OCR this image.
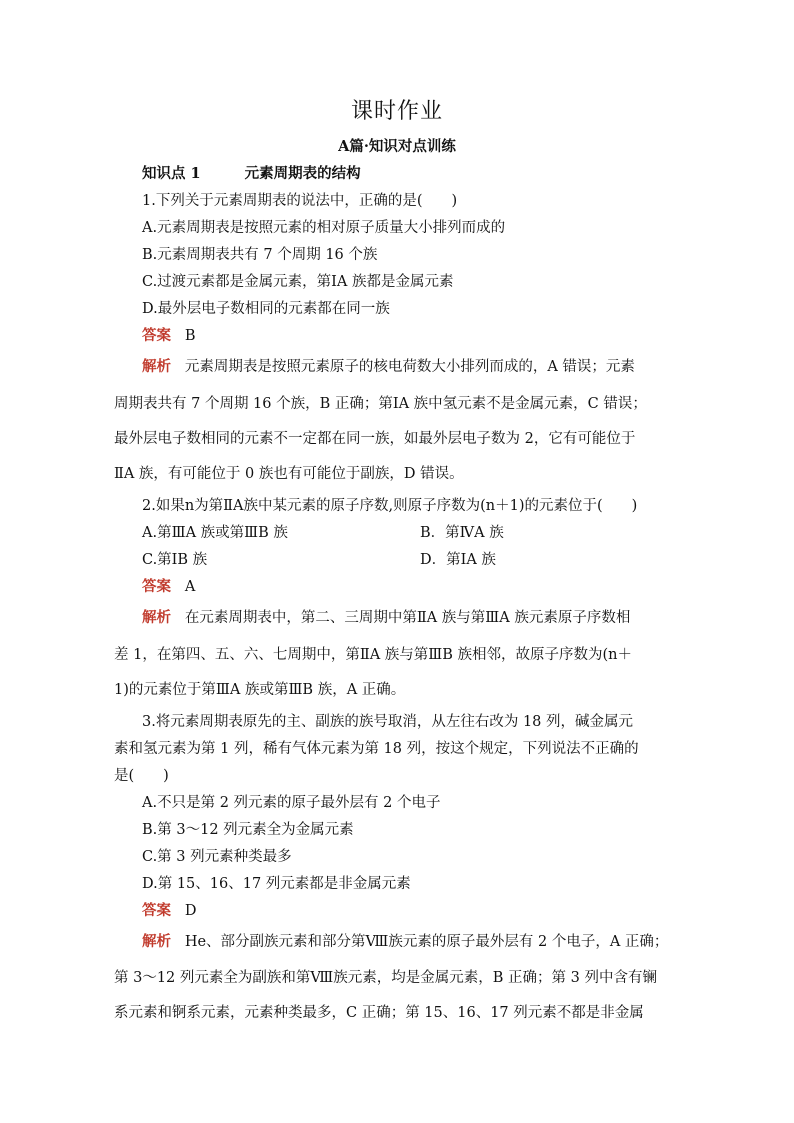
课时作业
A篇·知识对点训练
知识点 1	元素周期表的结构
1.下列关于元素周期表的说法中，正确的是(　　)
A.元素周期表是按照元素的相对原子质量大小排列而成的
B.元素周期表共有 7 个周期 16 个族
C.过渡元素都是金属元素，第ⅠA 族都是金属元素
D.最外层电子数相同的元素都在同一族
答案 B
解析 元素周期表是按照元素原子的核电荷数大小排列而成的，A 错误；元素
周期表共有 7 个周期 16 个族，B 正确；第ⅠA 族中氢元素不是金属元素，C 错误；
最外层电子数相同的元素不一定都在同一族，如最外层电子数为 2，它有可能位于
ⅡA 族，有可能位于 0 族也有可能位于副族，D 错误。
2.如果n为第ⅡA族中某元素的原子序数,则原子序数为(n＋1)的元素位于(　　)
A.第ⅢA 族或第ⅢB 族	B．第ⅣA 族
C.第ⅠB 族	D．第ⅠA 族
答案 A
解析 在元素周期表中，第二、三周期中第ⅡA 族与第ⅢA 族元素原子序数相
差 1，在第四、五、六、七周期中，第ⅡA 族与第ⅢB 族相邻，故原子序数为(n＋
1)的元素位于第ⅢA 族或第ⅢB 族，A 正确。
3.将元素周期表原先的主、副族的族号取消，从左往右改为 18 列，碱金属元
素和氢元素为第 1 列，稀有气体元素为第 18 列，按这个规定，下列说法不正确的
是(　　)
A.不只是第 2 列元素的原子最外层有 2 个电子
B.第 3～12 列元素全为金属元素
C.第 3 列元素种类最多
D.第 15、16、17 列元素都是非金属元素
答案 D
解析 He、部分副族元素和部分第Ⅷ族元素的原子最外层有 2 个电子，A 正确；
第 3～12 列元素全为副族和第Ⅷ族元素，均是金属元素，B 正确；第 3 列中含有镧
系元素和锕系元素，元素种类最多，C 正确；第 15、16、17 列元素不都是非金属
